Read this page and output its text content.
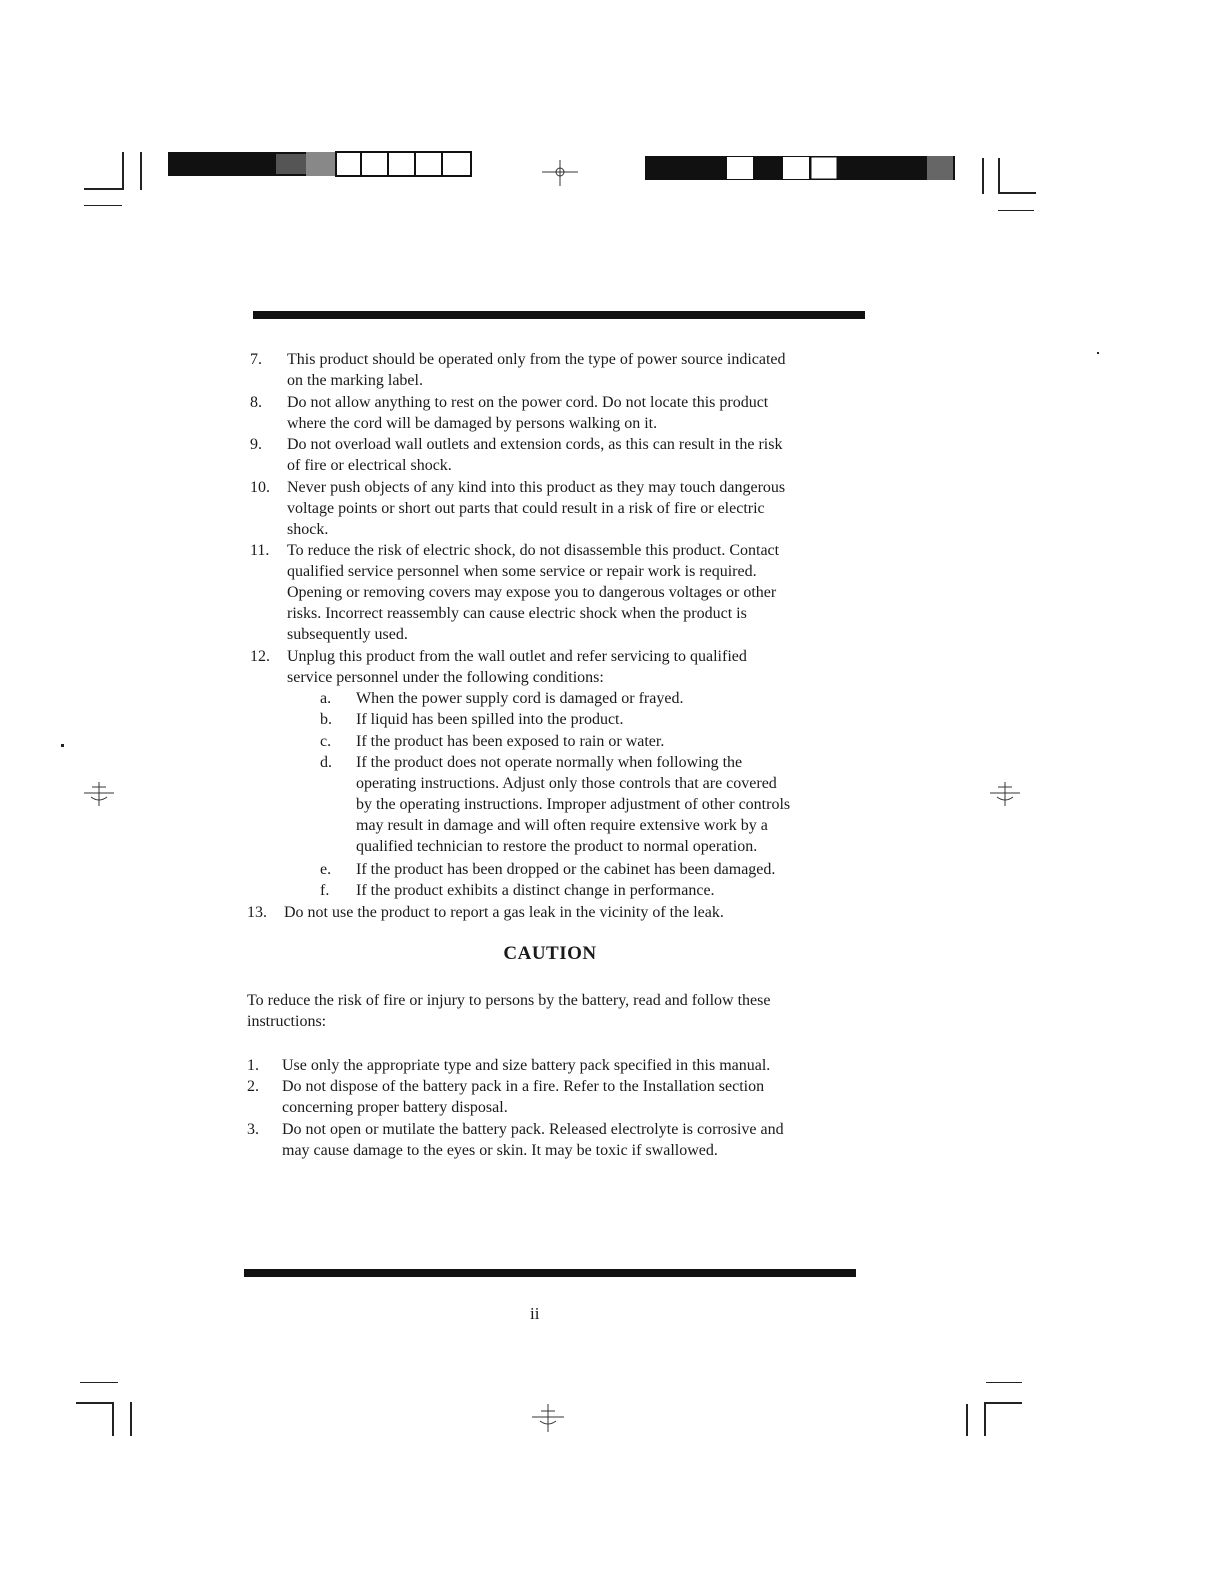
7. This product should be operated only from the type of power source indicated
on the marking label.
8. Do not allow anything to rest on the power cord. Do not locate this product
where the cord will be damaged by persons walking on it.
9. Do not overload wall outlets and extension cords, as this can result in the risk
of fire or electrical shock.
10. Never push objects of any kind into this product as they may touch dangerous
voltage points or short out parts that could result in a risk of fire or electric
shock.
11. To reduce the risk of electric shock, do not disassemble this product. Contact
qualified service personnel when some service or repair work is required.
Opening or removing covers may expose you to dangerous voltages or other
risks. Incorrect reassembly can cause electric shock when the product is
subsequently used.
12. Unplug this product from the wall outlet and refer servicing to qualified
service personnel under the following conditions:
a. When the power supply cord is damaged or frayed.
b. If liquid has been spilled into the product.
c. If the product has been exposed to rain or water.
d. If the product does not operate normally when following the
operating instructions. Adjust only those controls that are covered
by the operating instructions. Improper adjustment of other controls
may result in damage and will often require extensive work by a
qualified technician to restore the product to normal operation.
e. If the product has been dropped or the cabinet has been damaged.
f. If the product exhibits a distinct change in performance.
13. Do not use the product to report a gas leak in the vicinity of the leak.
CAUTION
To reduce the risk of fire or injury to persons by the battery, read and follow these
instructions:
1. Use only the appropriate type and size battery pack specified in this manual.
2. Do not dispose of the battery pack in a fire. Refer to the Installation section
concerning proper battery disposal.
3. Do not open or mutilate the battery pack. Released electrolyte is corrosive and
may cause damage to the eyes or skin. It may be toxic if swallowed.
ii
